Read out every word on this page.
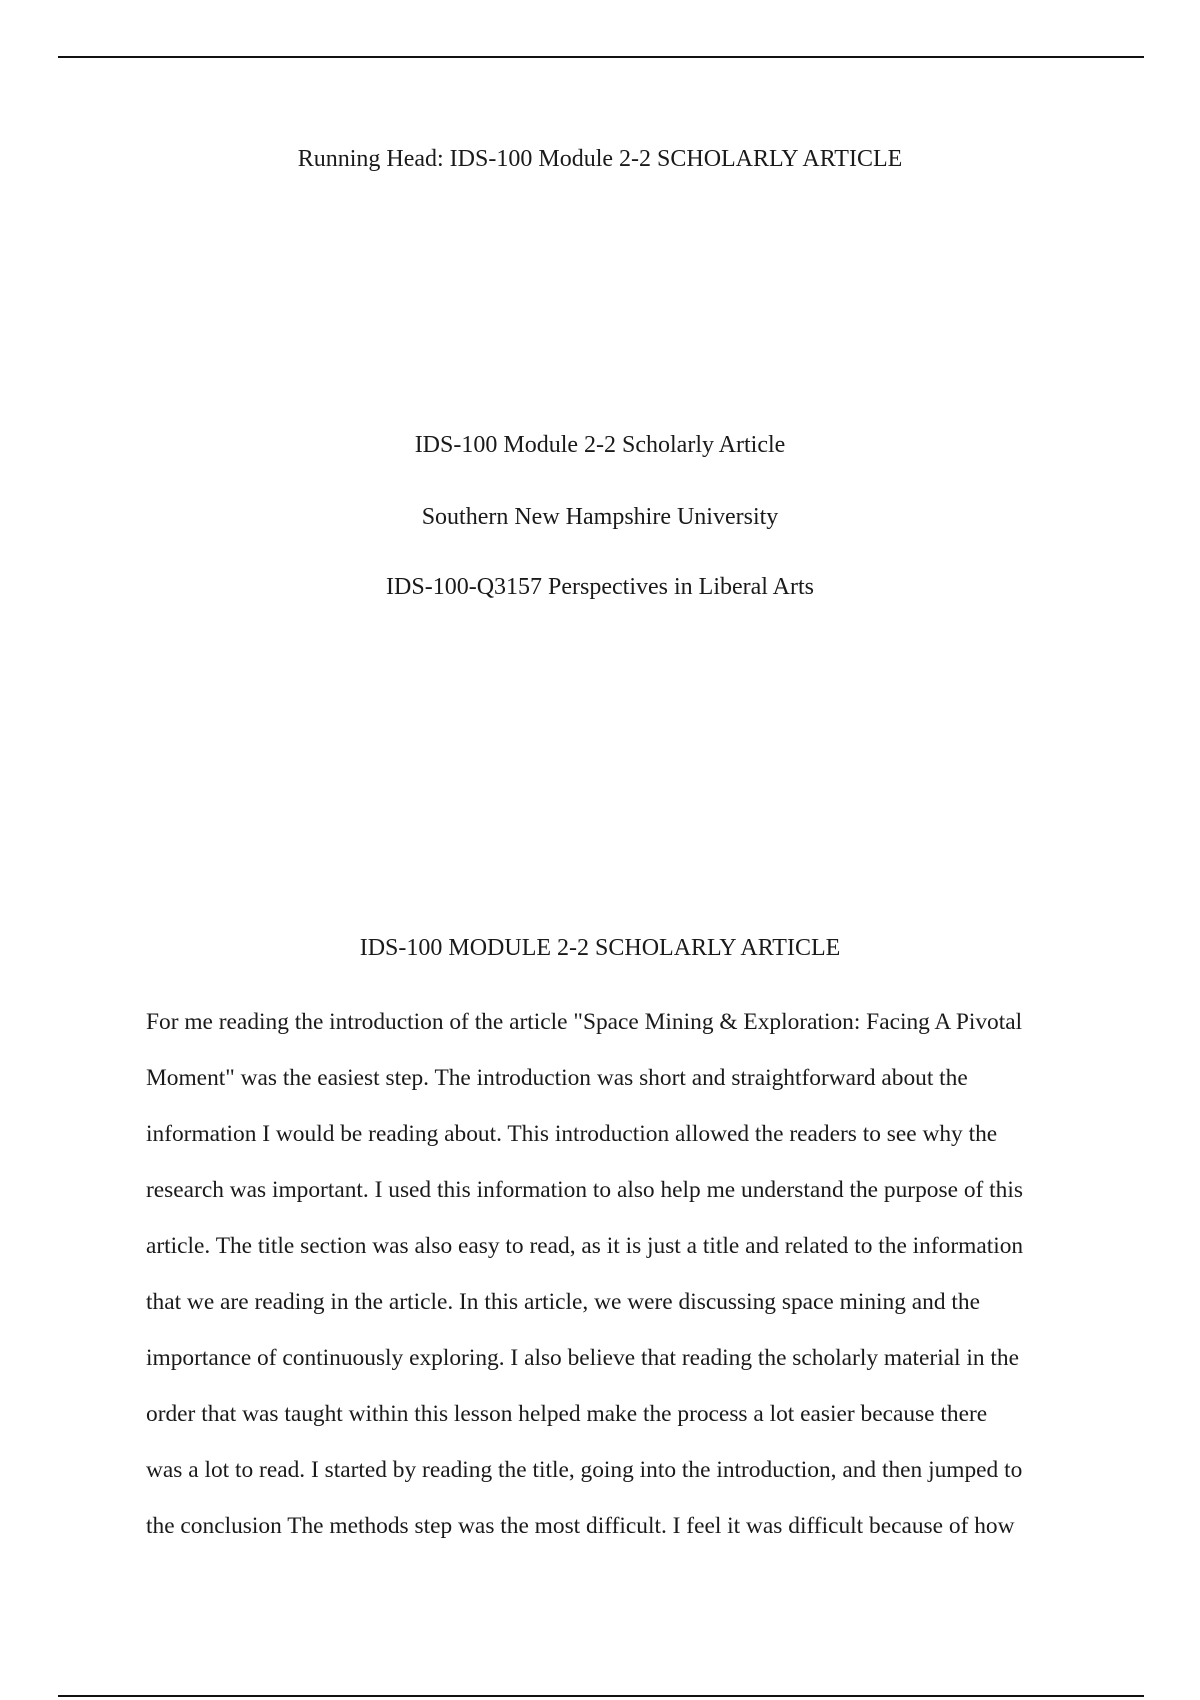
Running Head: IDS-100 Module 2-2 SCHOLARLY ARTICLE
IDS-100 Module 2-2 Scholarly Article
Southern New Hampshire University
IDS-100-Q3157 Perspectives in Liberal Arts
IDS-100 MODULE 2-2 SCHOLARLY ARTICLE
For me reading the introduction of the article "Space Mining & Exploration: Facing A Pivotal
Moment" was the easiest step. The introduction was short and straightforward about the
information I would be reading about. This introduction allowed the readers to see why the
research was important. I used this information to also help me understand the purpose of this
article. The title section was also easy to read, as it is just a title and related to the information
that we are reading in the article. In this article, we were discussing space mining and the
importance of continuously exploring. I also believe that reading the scholarly material in the
order that was taught within this lesson helped make the process a lot easier because there
was a lot to read. I started by reading the title, going into the introduction, and then jumped to
the conclusion The methods step was the most difficult. I feel it was difficult because of how
